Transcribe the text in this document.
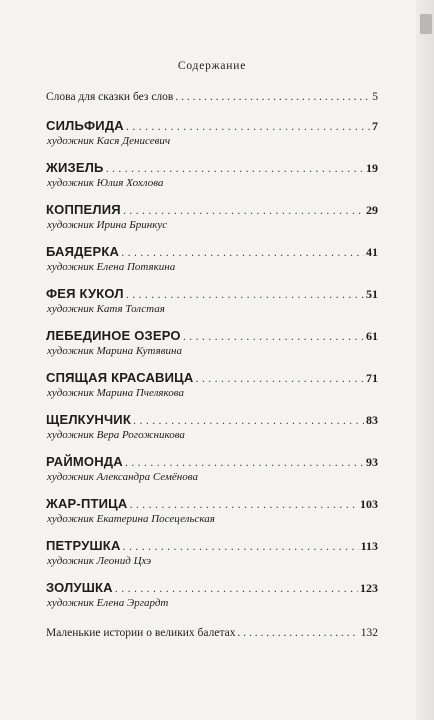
Содержание
Слова для сказки без слов . . .	5
СИЛЬФИДА . . .	7
художник Кася Денисевич
ЖИЗЕЛЬ . . .	19
художник Юлия Хохлова
КОППЕЛИЯ . . .	29
художник Ирина Бринкус
БАЯДЕРКА . . .	41
художник Елена Потякина
ФЕЯ КУКОЛ . . .	51
художник Катя Толстая
ЛЕБЕДИНОЕ ОЗЕРО . . .	61
художник Марина Кутявина
СПЯЩАЯ КРАСАВИЦА . . .	71
художник Марина Пчелякова
ЩЕЛКУНЧИК . . .	83
художник Вера Рогожникова
РАЙМОНДА . . .	93
художник Александра Семёнова
ЖАР-ПТИЦА . . .	103
художник Екатерина Посецельская
ПЕТРУШКА . . .	113
художник Леонид Цхэ
ЗОЛУШКА . . .	123
художник Елена Эргардт
Маленькие истории о великих балетах . . .	132
